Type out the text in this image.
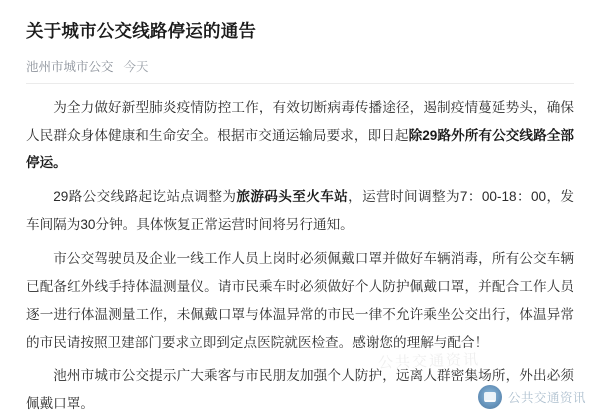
关于城市公交线路停运的通告
池州市城市公交 今天

为全力做好新型肺炎疫情防控工作，有效切断病毒传播途径，遏制疫情蔓延势头，确保人民群众身体健康和生命安全。根据市交通运输局要求，即日起除29路外所有公交线路全部停运。

29路公交线路起讫站点调整为旅游码头至火车站，运营时间调整为7：00-18：00，发车间隔为30分钟。具体恢复正常运营时间将另行通知。

市公交驾驶员及企业一线工作人员上岗时必须佩戴口罩并做好车辆消毒，所有公交车辆已配备红外线手持体温测量仪。请市民乘车时必须做好个人防护佩戴口罩，并配合工作人员逐一进行体温测量工作，未佩戴口罩与体温异常的市民一律不允许乘坐公交出行，体温异常的市民请按照卫建部门要求立即到定点医院就医检查。感谢您的理解与配合！

池州市城市公交提示广大乘客与市民朋友加强个人防护，远离人群密集场所，外出必须佩戴口罩。

公共交通资讯
公共交通资讯
